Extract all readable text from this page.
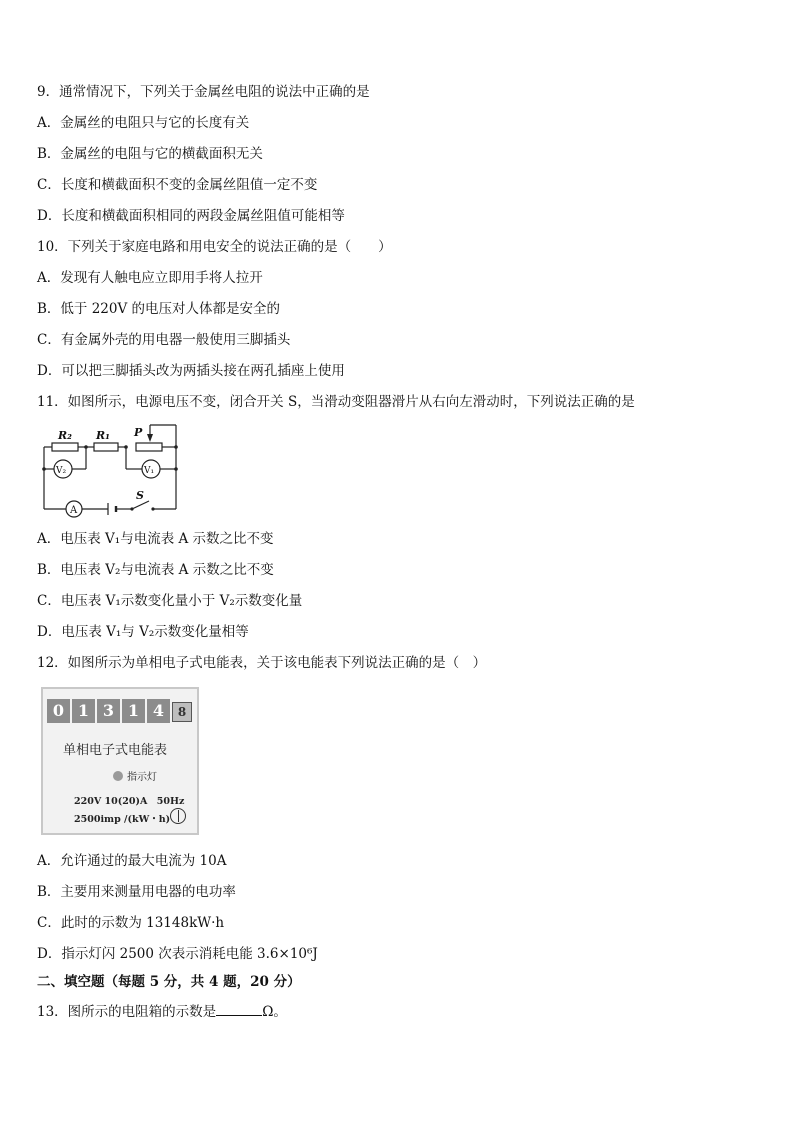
9．通常情况下，下列关于金属丝电阻的说法中正确的是
A．金属丝的电阻只与它的长度有关
B．金属丝的电阻与它的横截面积无关
C．长度和横截面积不变的金属丝阻值一定不变
D．长度和横截面积相同的两段金属丝阻值可能相等
10．下列关于家庭电路和用电安全的说法正确的是（　　）
A．发现有人触电应立即用手将人拉开
B．低于 220V 的电压对人体都是安全的
C．有金属外壳的用电器一般使用三脚插头
D．可以把三脚插头改为两插头接在两孔插座上使用
11．如图所示，电源电压不变，闭合开关 S，当滑动变阻器滑片从右向左滑动时，下列说法正确的是
R₂ R₁ P
V₂	V₁
A
S
A．电压表 V₁与电流表 A 示数之比不变
B．电压表 V₂与电流表 A 示数之比不变
C．电压表 V₁示数变化量小于 V₂示数变化量
D．电压表 V₁与 V₂示数变化量相等
12．如图所示为单相电子式电能表，关于该电能表下列说法正确的是（　）
0 1 3 1 4	8
单相电子式电能表
指示灯
220V 10(20)A　50Hz
2500imp /(kW・h)
A．允许通过的最大电流为 10A
B．主要用来测量用电器的电功率
C．此时的示数为 13148kW·h
D．指示灯闪 2500 次表示消耗电能 3.6×10⁶J
二、填空题（每题 5 分，共 4 题，20 分）
13．图所示的电阻箱的示数是	Ω。
